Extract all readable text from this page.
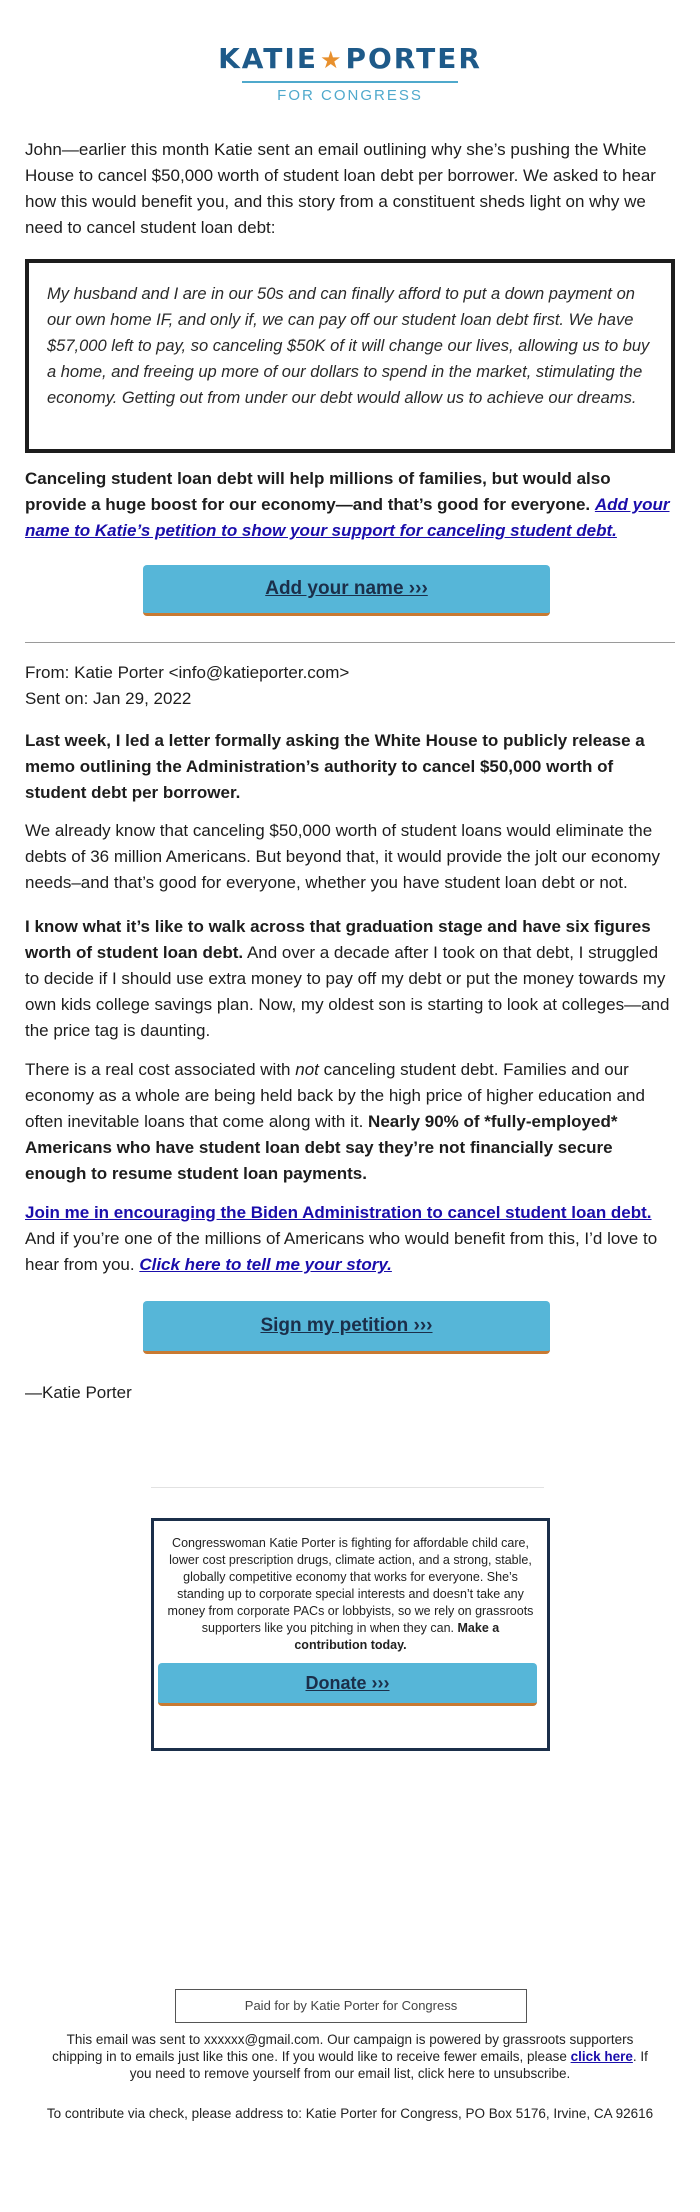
KATIE★PORTER
FOR CONGRESS

John—earlier this month Katie sent an email outlining why she’s pushing the White House to cancel $50,000 worth of student loan debt per borrower. We asked to hear how this would benefit you, and this story from a constituent sheds light on why we need to cancel student loan debt:

My husband and I are in our 50s and can finally afford to put a down payment on our own home IF, and only if, we can pay off our student loan debt first. We have $57,000 left to pay, so canceling $50K of it will change our lives, allowing us to buy a home, and freeing up more of our dollars to spend in the market, stimulating the economy. Getting out from under our debt would allow us to achieve our dreams.

Canceling student loan debt will help millions of families, but would also provide a huge boost for our economy—and that’s good for everyone. Add your name to Katie’s petition to show your support for canceling student debt.

Add your name ›››

From: Katie Porter <info@katieporter.com>

Sent on: Jan 29, 2022

Last week, I led a letter formally asking the White House to publicly release a memo outlining the Administration’s authority to cancel $50,000 worth of student debt per borrower.

We already know that canceling $50,000 worth of student loans would eliminate the debts of 36 million Americans. But beyond that, it would provide the jolt our economy needs–and that’s good for everyone, whether you have student loan debt or not.

I know what it’s like to walk across that graduation stage and have six figures worth of student loan debt. And over a decade after I took on that debt, I struggled to decide if I should use extra money to pay off my debt or put the money towards my own kids college savings plan. Now, my oldest son is starting to look at colleges—and the price tag is daunting.

There is a real cost associated with not canceling student debt. Families and our economy as a whole are being held back by the high price of higher education and often inevitable loans that come along with it. Nearly 90% of *fully-employed* Americans who have student loan debt say they’re not financially secure enough to resume student loan payments.

Join me in encouraging the Biden Administration to cancel student loan debt. And if you’re one of the millions of Americans who would benefit from this, I’d love to hear from you. Click here to tell me your story.

Sign my petition ›››

—Katie Porter

Congresswoman Katie Porter is fighting for affordable child care, lower cost prescription drugs, climate action, and a strong, stable, globally competitive economy that works for everyone. She’s standing up to corporate special interests and doesn’t take any money from corporate PACs or lobbyists, so we rely on grassroots supporters like you pitching in when they can. Make a contribution today.

Donate ›››
Paid for by Katie Porter for Congress

This email was sent to xxxxxx@gmail.com. Our campaign is powered by grassroots supporters chipping in to emails just like this one. If you would like to receive fewer emails, please click here. If you need to remove yourself from our email list, click here to unsubscribe.

To contribute via check, please address to: Katie Porter for Congress, PO Box 5176, Irvine, CA 92616
